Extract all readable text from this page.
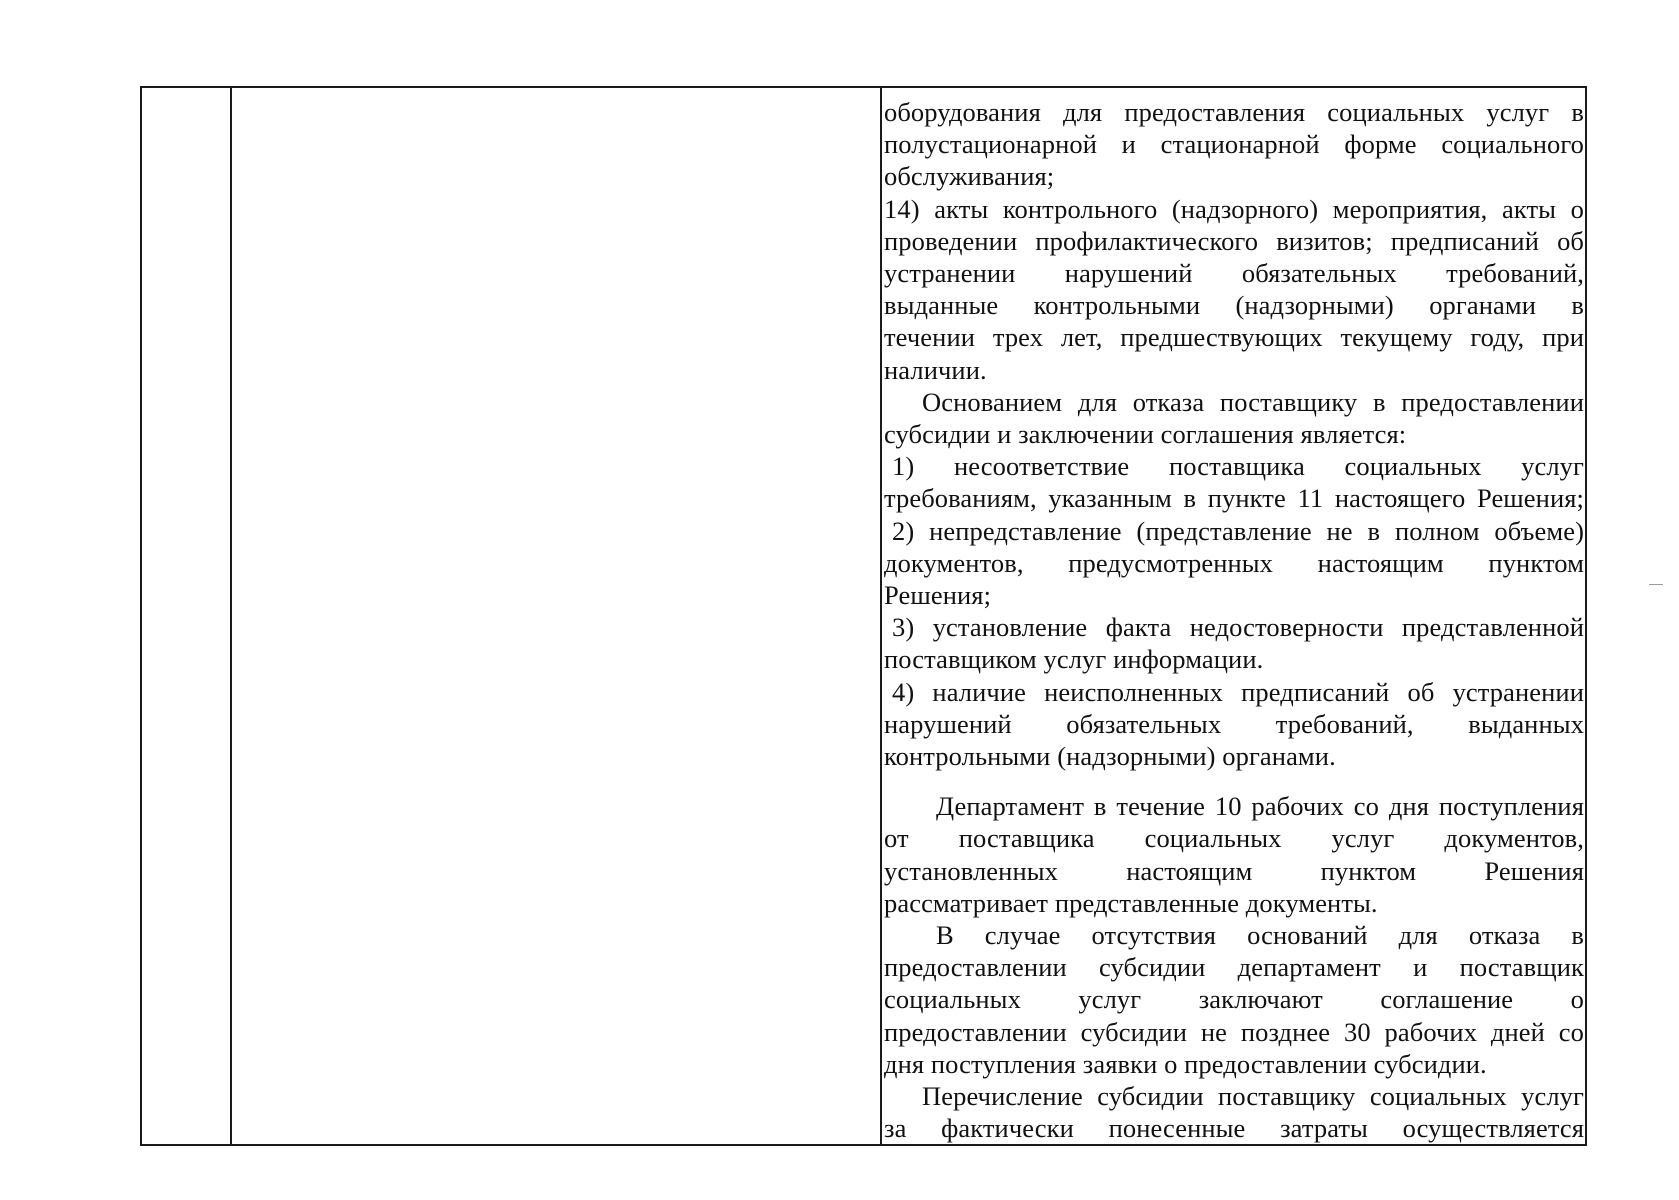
оборудования для предоставления социальных услуг в
полустационарной и стационарной форме социального
обслуживания;
14) акты контрольного (надзорного) мероприятия, акты о
проведении профилактического визитов; предписаний об
устранении нарушений обязательных требований,
выданные контрольными (надзорными) органами в
течении трех лет, предшествующих текущему году, при
наличии.
Основанием для отказа поставщику в предоставлении
субсидии и заключении соглашения является:
1) несоответствие поставщика социальных услуг
требованиям, указанным в пункте 11 настоящего Решения;
2) непредставление (представление не в полном объеме)
документов, предусмотренных настоящим пунктом
Решения;
3) установление факта недостоверности представленной
поставщиком услуг информации.
4) наличие неисполненных предписаний об устранении
нарушений обязательных требований, выданных
контрольными (надзорными) органами.
Департамент в течение 10 рабочих со дня поступления
от поставщика социальных услуг документов,
установленных настоящим пунктом Решения
рассматривает представленные документы.
В случае отсутствия оснований для отказа в
предоставлении субсидии департамент и поставщик
социальных услуг заключают соглашение о
предоставлении субсидии не позднее 30 рабочих дней со
дня поступления заявки о предоставлении субсидии.
Перечисление субсидии поставщику социальных услуг
за фактически понесенные затраты осуществляется
